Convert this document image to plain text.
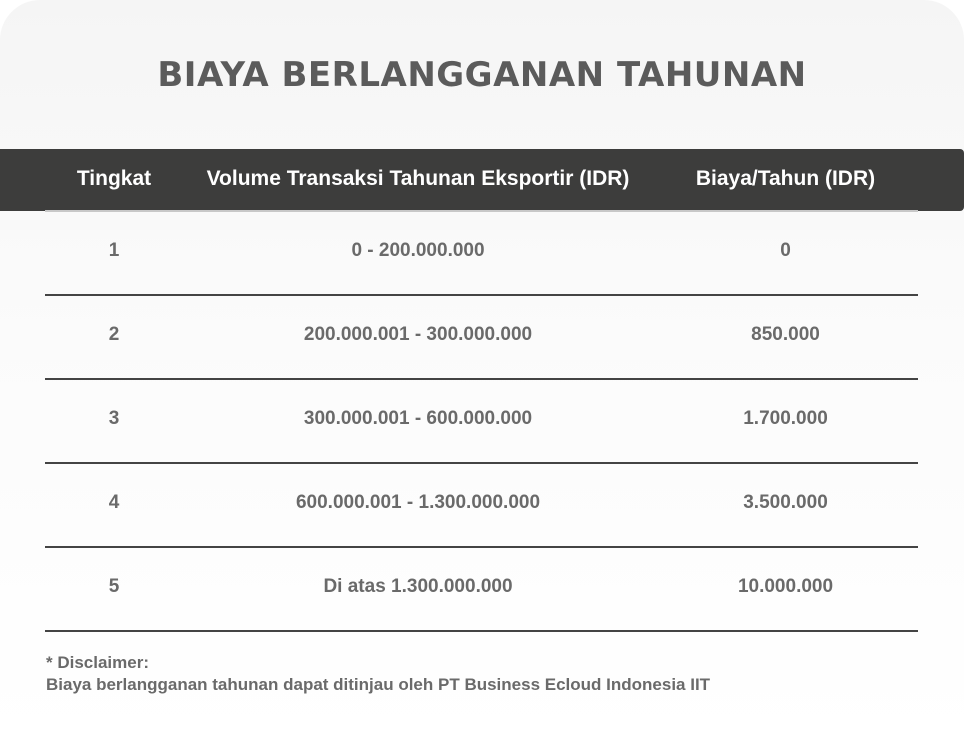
BIAYA BERLANGGANAN TAHUNAN
Tingkat	Volume Transaksi Tahunan Eksportir (IDR)	Biaya/Tahun (IDR)
1	0 - 200.000.000	0
2	200.000.001 - 300.000.000	850.000
3	300.000.001 - 600.000.000	1.700.000
4	600.000.001 - 1.300.000.000	3.500.000
5	Di atas 1.300.000.000	10.000.000
* Disclaimer:
Biaya berlangganan tahunan dapat ditinjau oleh PT Business Ecloud Indonesia IIT
